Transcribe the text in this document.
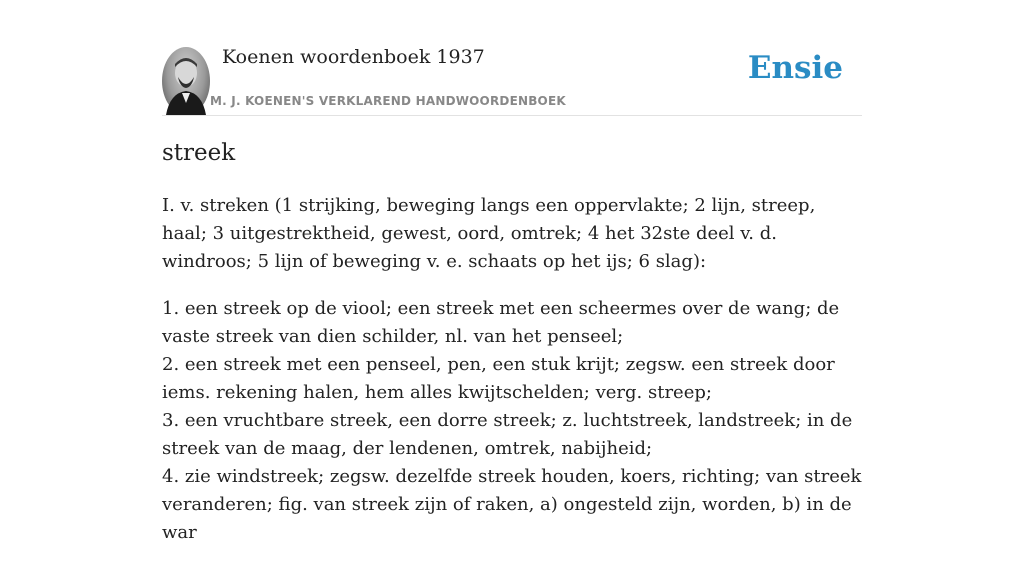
Koenen woordenboek 1937
M. J. KOENEN'S VERKLAREND HANDWOORDENBOEK
Ensie
streek

I. v. streken (1 strijking, beweging langs een oppervlakte; 2 lijn, streep, haal; 3 uitgestrektheid, gewest, oord, omtrek; 4 het 32ste deel v. d. windroos; 5 lijn of beweging v. e. schaats op het ijs; 6 slag):

1. een streek op de viool; een streek met een scheermes over de wang; de vaste streek van dien schilder, nl. van het penseel;
2. een streek met een penseel, pen, een stuk krijt; zegsw. een streek door iems. rekening halen, hem alles kwijtschelden; verg. streep;
3. een vruchtbare streek, een dorre streek; z. luchtstreek, landstreek; in de streek van de maag, der lendenen, omtrek, nabijheid;
4. zie windstreek; zegsw. dezelfde streek houden, koers, richting; van streek veranderen; fig. van streek zijn of raken, a) ongesteld zijn, worden, b) in de war
